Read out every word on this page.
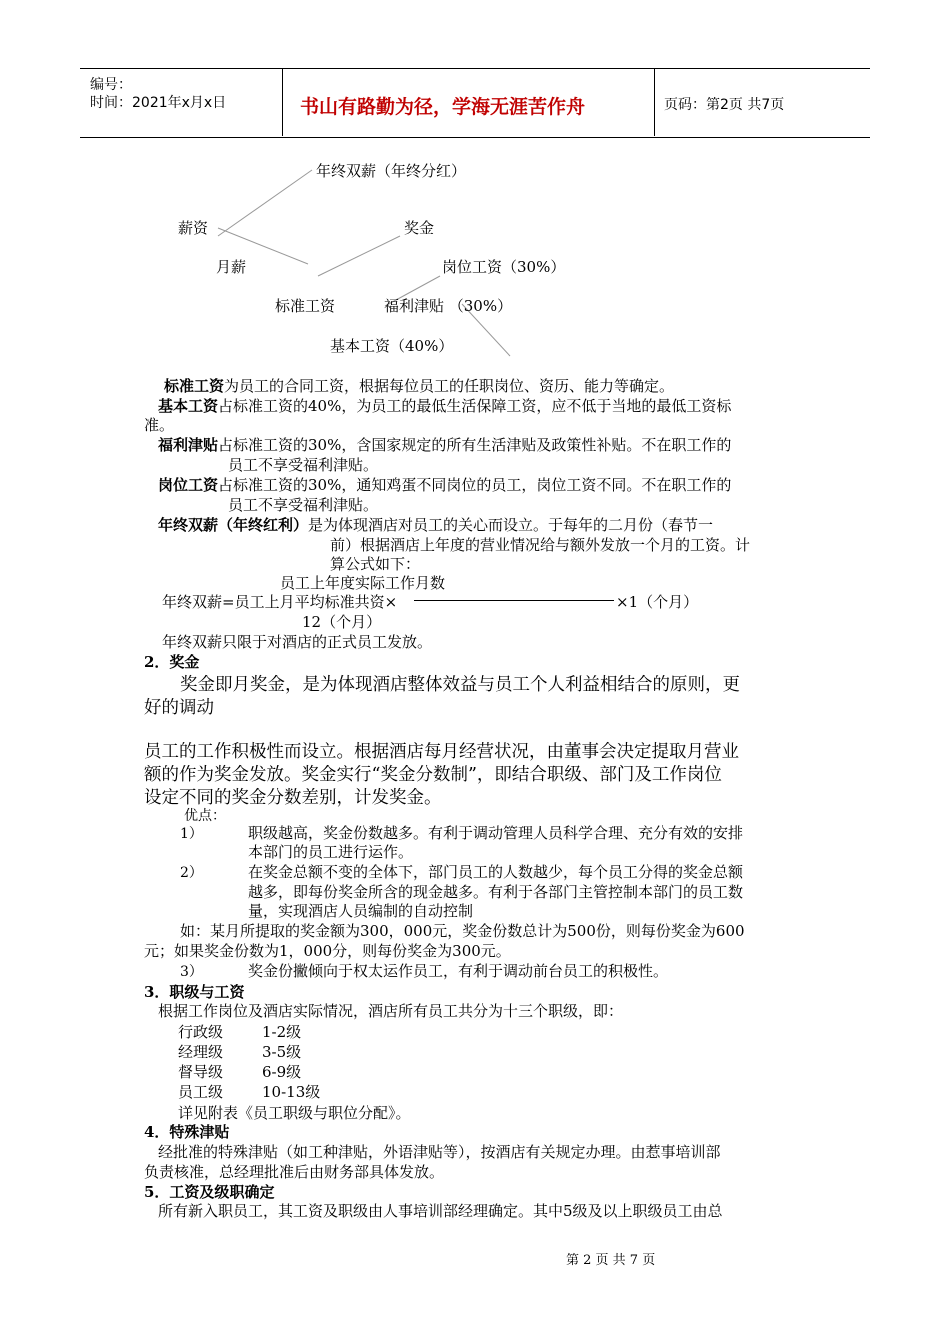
编号：
时间：2021年x月x日	书山有路勤为径，学海无涯苦作舟	页码：第2页 共7页
年终双薪（年终分红）
薪资	奖金
月薪	岗位工资（30%）
标准工资	福利津贴 （30%）
基本工资（40%）
标准工资为员工的合同工资，根据每位员工的任职岗位、资历、能力等确定。
基本工资占标准工资的40%，为员工的最低生活保障工资，应不低于当地的最低工资标
准。
福利津贴占标准工资的30%，含国家规定的所有生活津贴及政策性补贴。不在职工作的
员工不享受福利津贴。
岗位工资占标准工资的30%，通知鸡蛋不同岗位的员工，岗位工资不同。不在职工作的
员工不享受福利津贴。
年终双薪（年终红利）是为体现酒店对员工的关心而设立。于每年的二月份（春节一
前）根据酒店上年度的营业情况给与额外发放一个月的工资。计
算公式如下：
员工上年度实际工作月数
年终双薪=员工上月平均标准共资×	×1（个月）
12（个月）
年终双薪只限于对酒店的正式员工发放。
2．奖金
奖金即月奖金，是为体现酒店整体效益与员工个人利益相结合的原则，更
好的调动
员工的工作积极性而设立。根据酒店每月经营状况，由董事会决定提取月营业
额的作为奖金发放。奖金实行“奖金分数制”，即结合职级、部门及工作岗位
设定不同的奖金分数差别，计发奖金。
优点：
1）	职级越高，奖金份数越多。有利于调动管理人员科学合理、充分有效的安排
本部门的员工进行运作。
2）	在奖金总额不变的全体下，部门员工的人数越少，每个员工分得的奖金总额
越多，即每份奖金所含的现金越多。有利于各部门主管控制本部门的员工数
量，实现酒店人员编制的自动控制
如：某月所提取的奖金额为300，000元，奖金份数总计为500份，则每份奖金为600
元；如果奖金份数为1，000分，则每份奖金为300元。
3）	奖金份撇倾向于权太运作员工，有利于调动前台员工的积极性。
3．职级与工资
根据工作岗位及酒店实际情况，酒店所有员工共分为十三个职级，即：
行政级	1-2级
经理级	3-5级
督导级	6-9级
员工级	10-13级
详见附表《员工职级与职位分配》。
4．特殊津贴
经批准的特殊津贴（如工种津贴，外语津贴等），按酒店有关规定办理。由惹事培训部
负责核准，总经理批准后由财务部具体发放。
5．工资及级职确定
所有新入职员工，其工资及职级由人事培训部经理确定。其中5级及以上职级员工由总
第 2 页 共 7 页
